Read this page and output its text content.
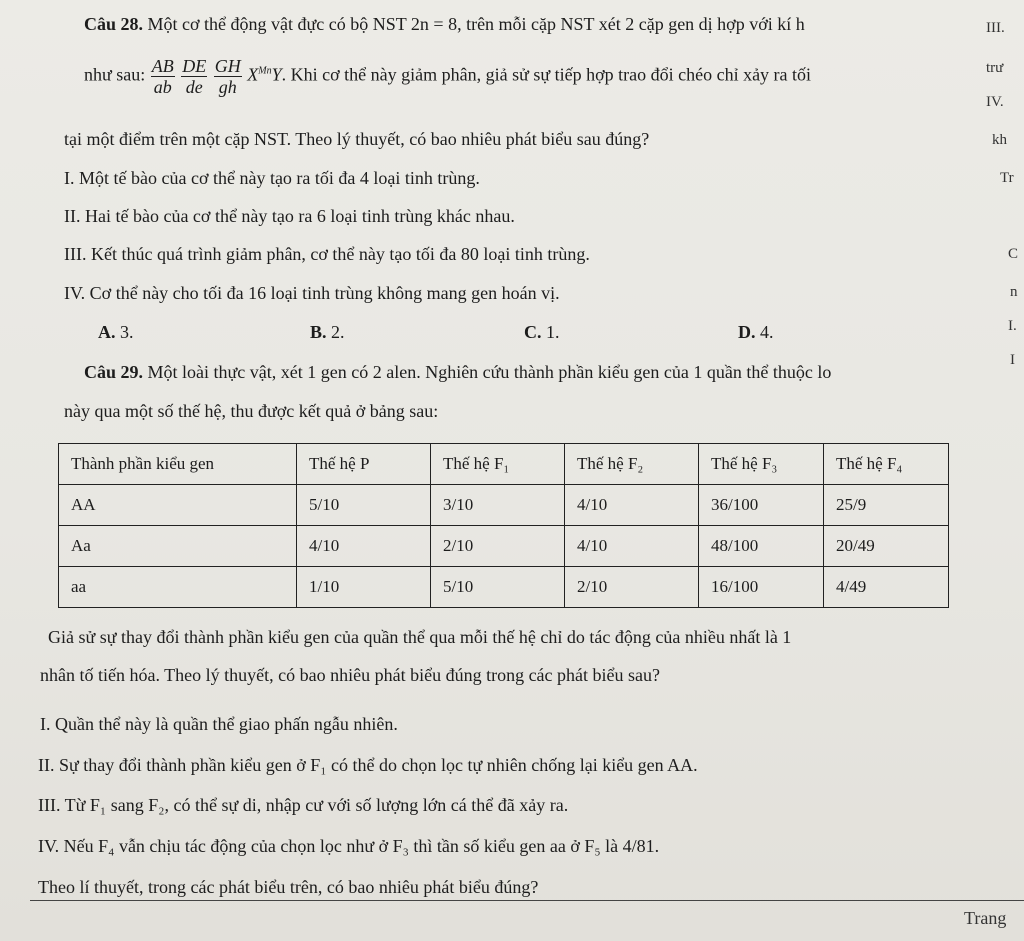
Câu 28. Một cơ thể động vật đực có bộ NST 2n = 8, trên mỗi cặp NST xét 2 cặp gen dị hợp với kí h
như sau: $\frac{AB}{ab}$
$\frac{DE}{de}$
$\frac{GH}{gh} X^{Mn}Y$. Khi cơ thể này giảm phân, giả sử sự tiếp hợp trao đổi chéo chỉ xảy ra tối
tại một điểm trên một cặp NST. Theo lý thuyết, có bao nhiêu phát biểu sau đúng?
I. Một tế bào của cơ thể này tạo ra tối đa 4 loại tinh trùng.
II. Hai tế bào của cơ thể này tạo ra 6 loại tinh trùng khác nhau.
III. Kết thúc quá trình giảm phân, cơ thể này tạo tối đa 80 loại tinh trùng.
IV. Cơ thể này cho tối đa 16 loại tinh trùng không mang gen hoán vị.
A. 3.	B. 2.	C. 1.	D. 4.
Câu 29. Một loài thực vật, xét 1 gen có 2 alen. Nghiên cứu thành phần kiểu gen của 1 quần thể thuộc lo
này qua một số thế hệ, thu được kết quả ở bảng sau:
Thành phần kiểu gen	Thế hệ P	Thế hệ F₁	Thế hệ F₂	Thế hệ F₃	Thế hệ F₄
AA	5/10	3/10	4/10	36/100	25/9
Aa	4/10	2/10	4/10	48/100	20/49
aa	1/10	5/10	2/10	16/100	4/49
Giả sử sự thay đổi thành phần kiểu gen của quần thể qua mỗi thế hệ chỉ do tác động của nhiều nhất là 1
nhân tố tiến hóa. Theo lý thuyết, có bao nhiêu phát biểu đúng trong các phát biểu sau?
I. Quần thể này là quần thể giao phấn ngẫu nhiên.
II. Sự thay đổi thành phần kiểu gen ở F₁ có thể do chọn lọc tự nhiên chống lại kiểu gen AA.
III. Từ F₁ sang F₂, có thể sự di, nhập cư với số lượng lớn cá thể đã xảy ra.
IV. Nếu F₄ vẫn chịu tác động của chọn lọc như ở F₃ thì tần số kiểu gen aa ở F₅ là 4/81.
Theo lí thuyết, trong các phát biểu trên, có bao nhiêu phát biểu đúng?
III.
trư
IV.
kh
Tr
C
n
I.
I
Trang
